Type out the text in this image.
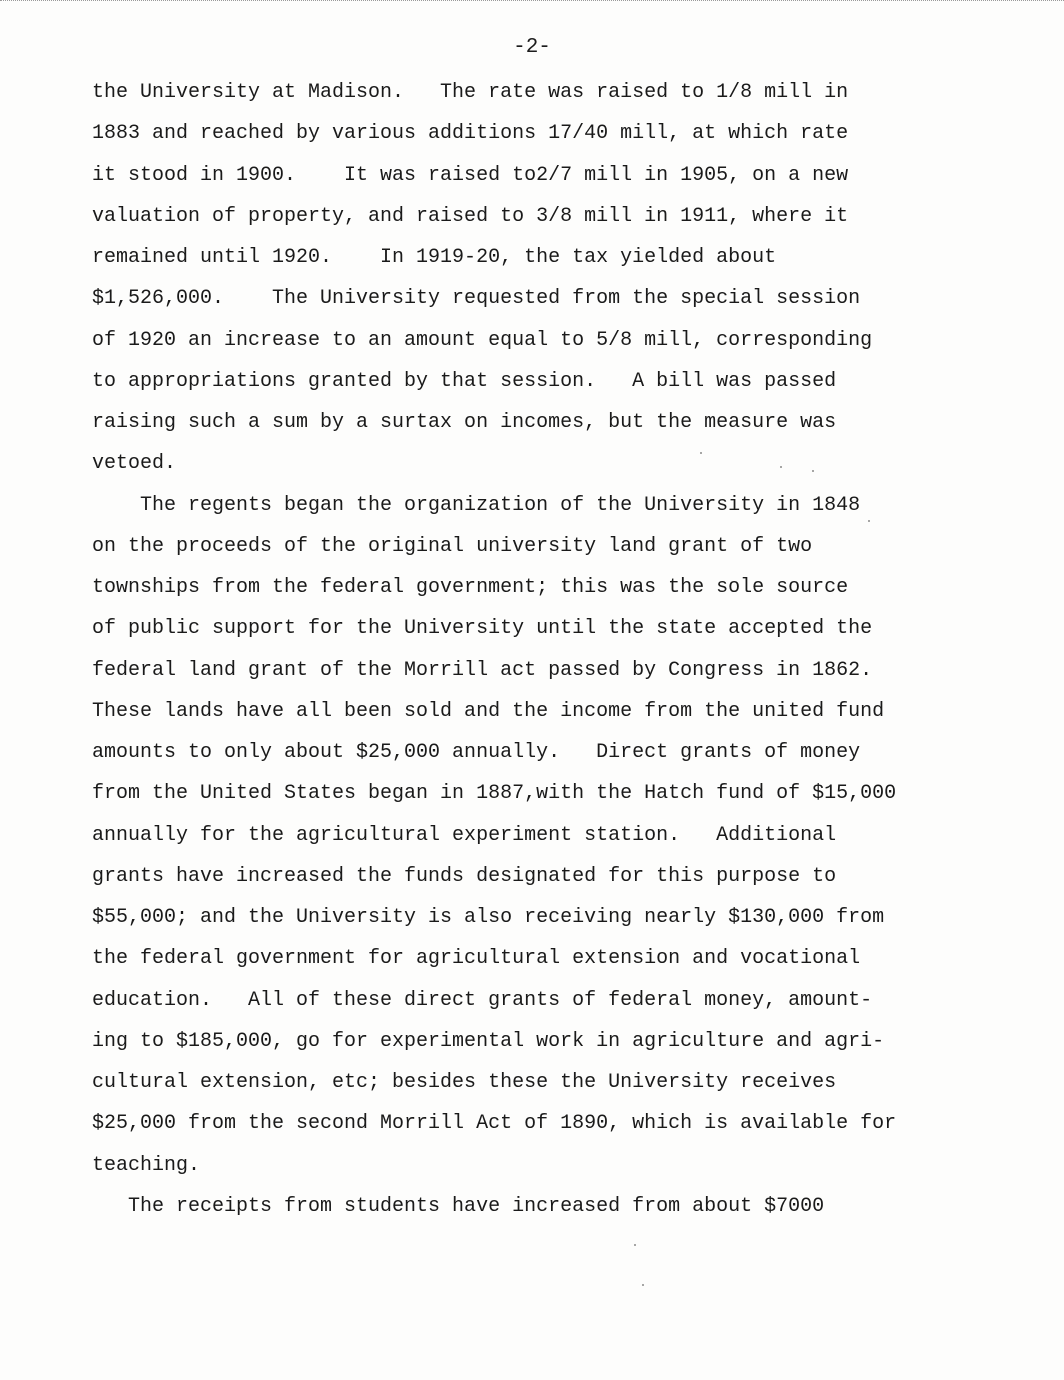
-2-
the University at Madison.   The rate was raised to 1/8 mill in
1883 and reached by various additions 17/40 mill, at which rate
it stood in 1900.    It was raised to2/7 mill in 1905, on a new
valuation of property, and raised to 3/8 mill in 1911, where it
remained until 1920.    In 1919-20, the tax yielded about
$1,526,000.    The University requested from the special session
of 1920 an increase to an amount equal to 5/8 mill, corresponding
to appropriations granted by that session.   A bill was passed
raising such a sum by a surtax on incomes, but the measure was
vetoed.
The regents began the organization of the University in 1848
on the proceeds of the original university land grant of two
townships from the federal government; this was the sole source
of public support for the University until the state accepted the
federal land grant of the Morrill act passed by Congress in 1862.
These lands have all been sold and the income from the united fund
amounts to only about $25,000 annually.   Direct grants of money
from the United States began in 1887,with the Hatch fund of $15,000
annually for the agricultural experiment station.   Additional
grants have increased the funds designated for this purpose to
$55,000; and the University is also receiving nearly $130,000 from
the federal government for agricultural extension and vocational
education.   All of these direct grants of federal money, amount-
ing to $185,000, go for experimental work in agriculture and agri-
cultural extension, etc; besides these the University receives
$25,000 from the second Morrill Act of 1890, which is available for
teaching.
The receipts from students have increased from about $7000
